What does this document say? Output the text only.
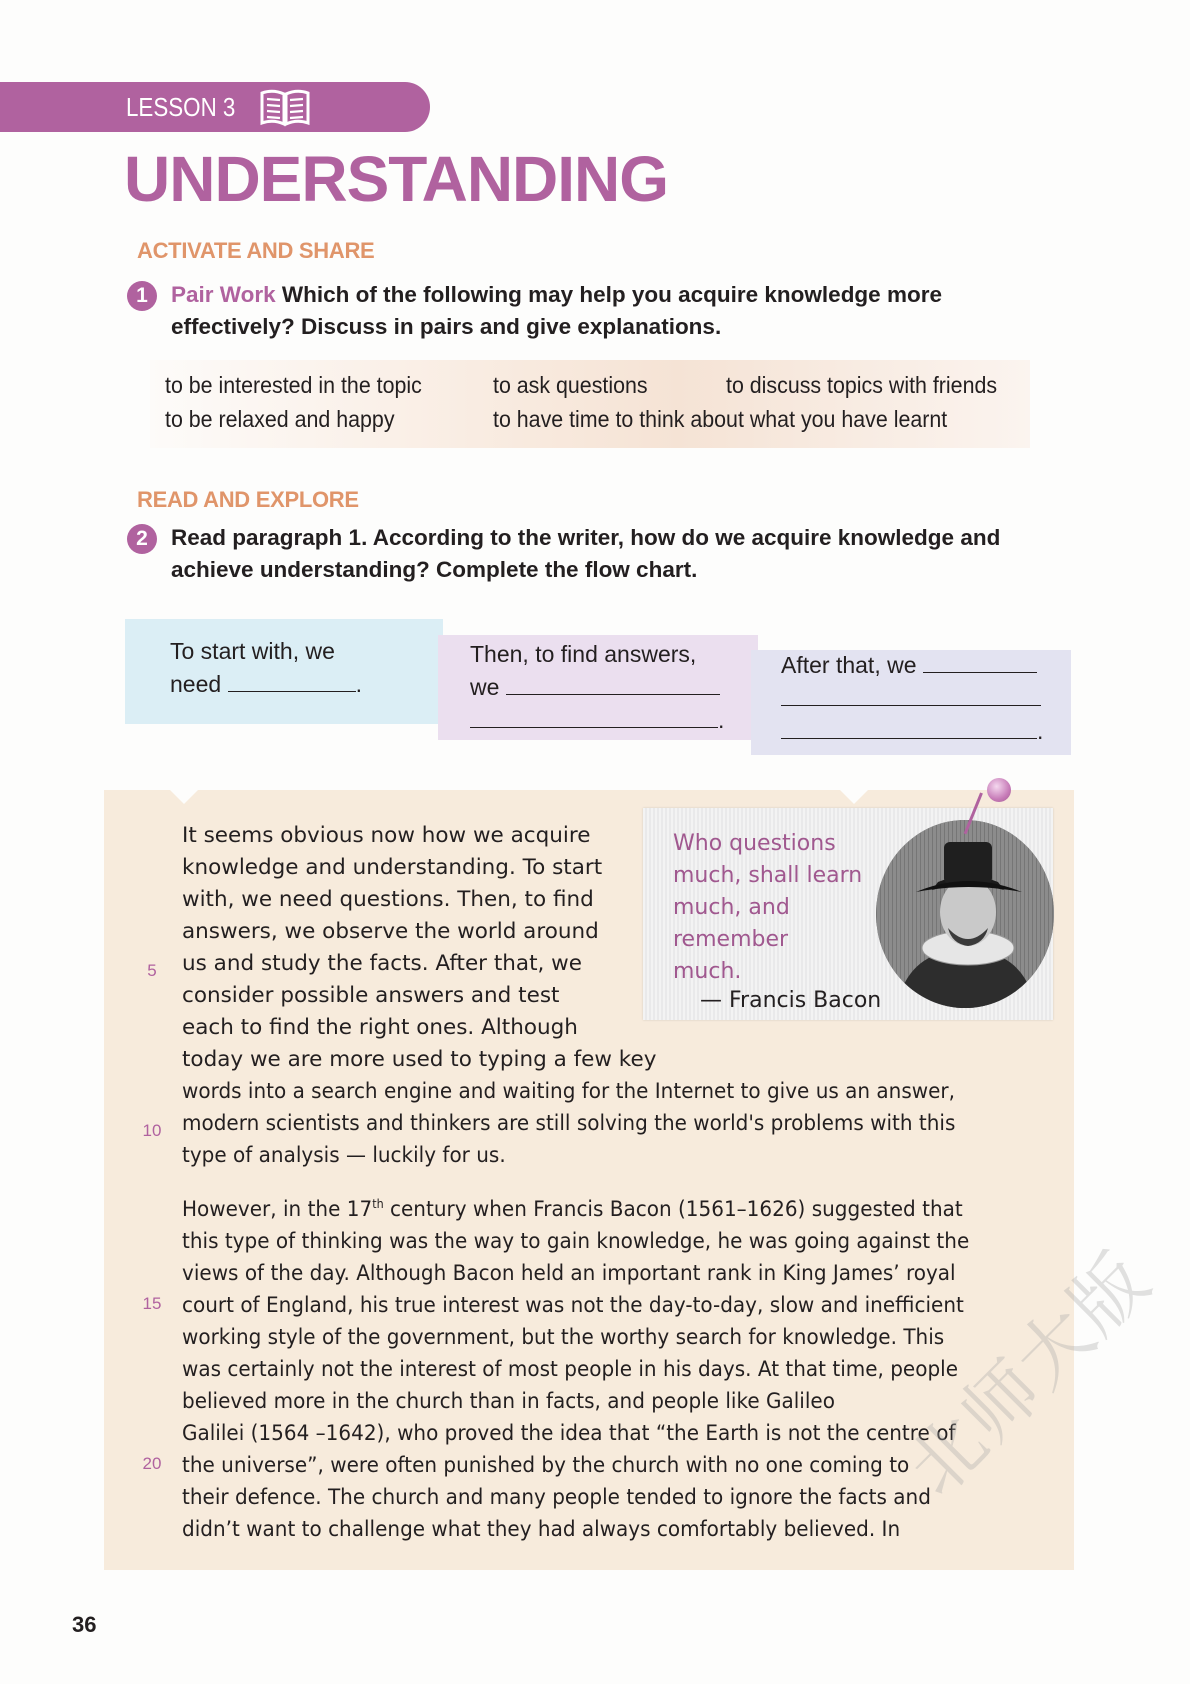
LESSON 3
UNDERSTANDING
ACTIVATE AND SHARE
1	Pair Work Which of the following may help you acquire knowledge more
effectively? Discuss in pairs and give explanations.
to be interested in the topic	to ask questions	to discuss topics with friends
to be relaxed and happy	to have time to think about what you have learnt
READ AND EXPLORE
2	Read paragraph 1. According to the writer, how do we acquire knowledge and
achieve understanding? Complete the flow chart.
To start with, we
need	.
Then, to find answers,
we
.
After that, we

.
It seems obvious now how we acquire
knowledge and understanding. To start
with, we need questions. Then, to find
answers, we observe the world around
us and study the facts. After that, we
consider possible answers and test
each to find the right ones. Although
today we are more used to typing a few key
words into a search engine and waiting for the Internet to give us an answer,
modern scientists and thinkers are still solving the world's problems with this
type of analysis — luckily for us.
However, in the 17th century when Francis Bacon (1561–1626) suggested that
this type of thinking was the way to gain knowledge, he was going against the
views of the day. Although Bacon held an important rank in King James’ royal
court of England, his true interest was not the day-to-day, slow and inefficient
working style of the government, but the worthy search for knowledge. This
was certainly not the interest of most people in his days. At that time, people
believed more in the church than in facts, and people like Galileo
Galilei (1564 –1642), who proved the idea that “the Earth is not the centre of
the universe”, were often punished by the church with no one coming to
their defence. The church and many people tended to ignore the facts and
didn’t want to challenge what they had always comfortably believed. In
5
10
15
20
Who questions
much, shall learn
much, and
remember
much.
— Francis Bacon
36
北师大版
